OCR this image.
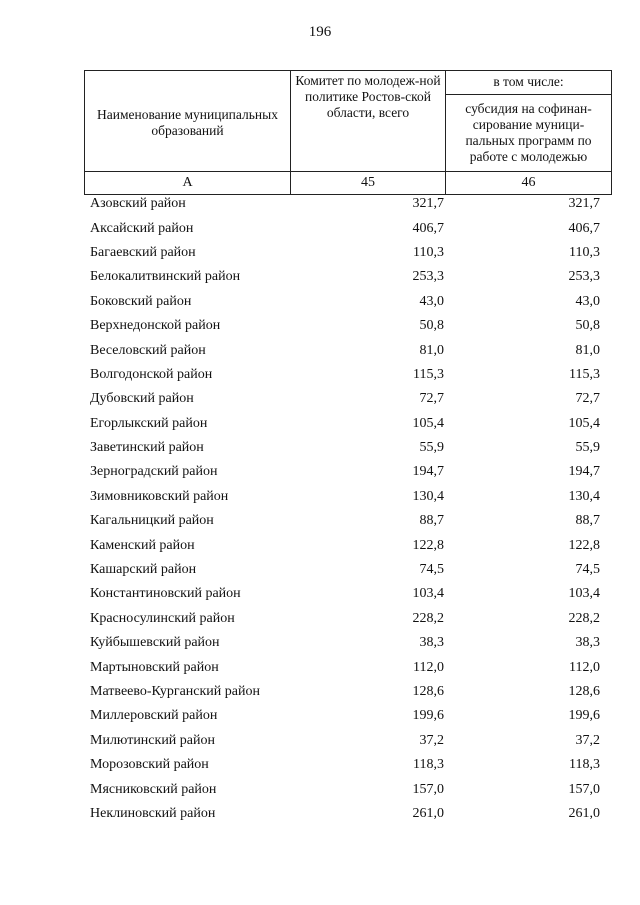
196
Наименование муниципальных образований	Комитет по молодеж-ной политике Ростов-ской области, всего	в том числе:
		субсидия на софинан-сирование муници-пальных программ по работе с молодежью
А	45	46
Азовский район	321,7	321,7
Аксайский район	406,7	406,7
Багаевский район	110,3	110,3
Белокалитвинский район	253,3	253,3
Боковский район	43,0	43,0
Верхнедонской район	50,8	50,8
Веселовский район	81,0	81,0
Волгодонской район	115,3	115,3
Дубовский район	72,7	72,7
Егорлыкский район	105,4	105,4
Заветинский район	55,9	55,9
Зерноградский район	194,7	194,7
Зимовниковский район	130,4	130,4
Кагальницкий район	88,7	88,7
Каменский район	122,8	122,8
Кашарский район	74,5	74,5
Константиновский район	103,4	103,4
Красносулинский район	228,2	228,2
Куйбышевский район	38,3	38,3
Мартыновский район	112,0	112,0
Матвеево-Курганский район	128,6	128,6
Миллеровский район	199,6	199,6
Милютинский район	37,2	37,2
Морозовский район	118,3	118,3
Мясниковский район	157,0	157,0
Неклиновский район	261,0	261,0
